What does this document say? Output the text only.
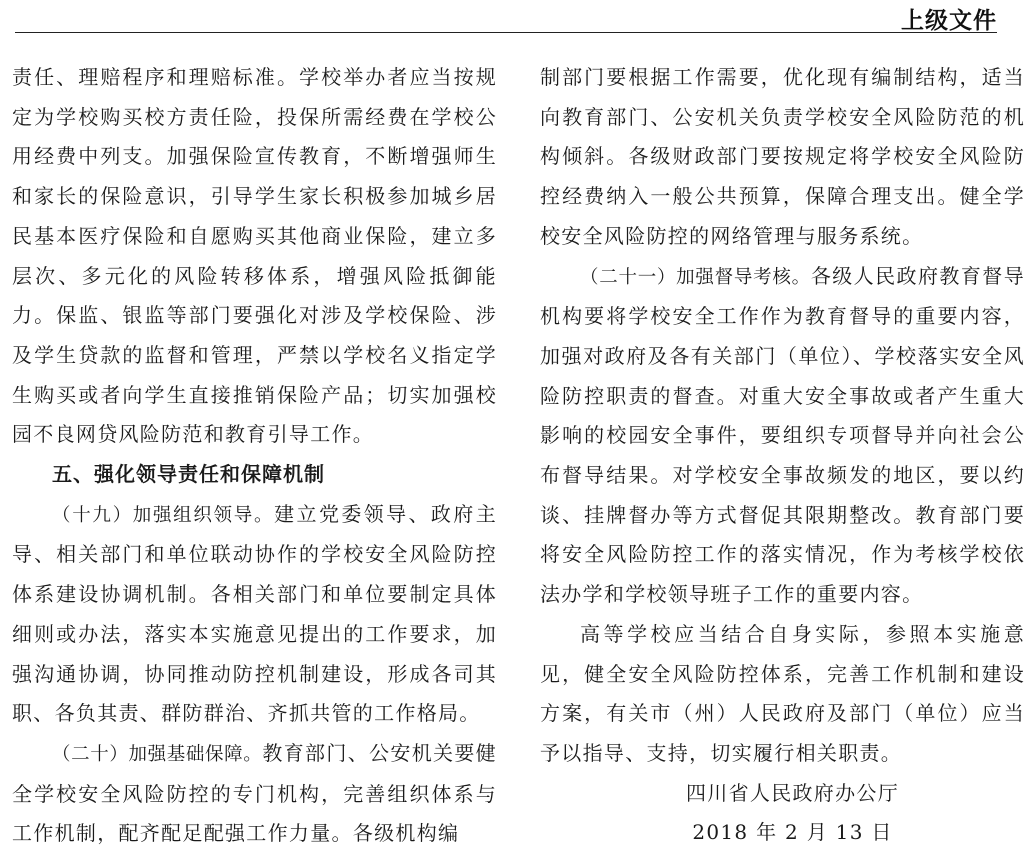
上级文件

责任、理赔程序和理赔标准。学校举办者应当按规定为学校购买校方责任险，投保所需经费在学校公用经费中列支。加强保险宣传教育，不断增强师生和家长的保险意识，引导学生家长积极参加城乡居民基本医疗保险和自愿购买其他商业保险，建立多层次、多元化的风险转移体系，增强风险抵御能力。保监、银监等部门要强化对涉及学校保险、涉及学生贷款的监督和管理，严禁以学校名义指定学生购买或者向学生直接推销保险产品；切实加强校园不良网贷风险防范和教育引导工作。

五、强化领导责任和保障机制

（十九）加强组织领导。建立党委领导、政府主导、相关部门和单位联动协作的学校安全风险防控体系建设协调机制。各相关部门和单位要制定具体细则或办法，落实本实施意见提出的工作要求，加强沟通协调，协同推动防控机制建设，形成各司其职、各负其责、群防群治、齐抓共管的工作格局。

（二十）加强基础保障。教育部门、公安机关要健全学校安全风险防控的专门机构，完善组织体系与工作机制，配齐配足配强工作力量。各级机构编

制部门要根据工作需要，优化现有编制结构，适当向教育部门、公安机关负责学校安全风险防范的机构倾斜。各级财政部门要按规定将学校安全风险防控经费纳入一般公共预算，保障合理支出。健全学校安全风险防控的网络管理与服务系统。

（二十一）加强督导考核。各级人民政府教育督导机构要将学校安全工作作为教育督导的重要内容，加强对政府及各有关部门（单位）、学校落实安全风险防控职责的督查。对重大安全事故或者产生重大影响的校园安全事件，要组织专项督导并向社会公布督导结果。对学校安全事故频发的地区，要以约谈、挂牌督办等方式督促其限期整改。教育部门要将安全风险防控工作的落实情况，作为考核学校依法办学和学校领导班子工作的重要内容。

高等学校应当结合自身实际，参照本实施意见，健全安全风险防控体系，完善工作机制和建设方案，有关市（州）人民政府及部门（单位）应当予以指导、支持，切实履行相关职责。

四川省人民政府办公厅

2018 年 2 月 13 日
